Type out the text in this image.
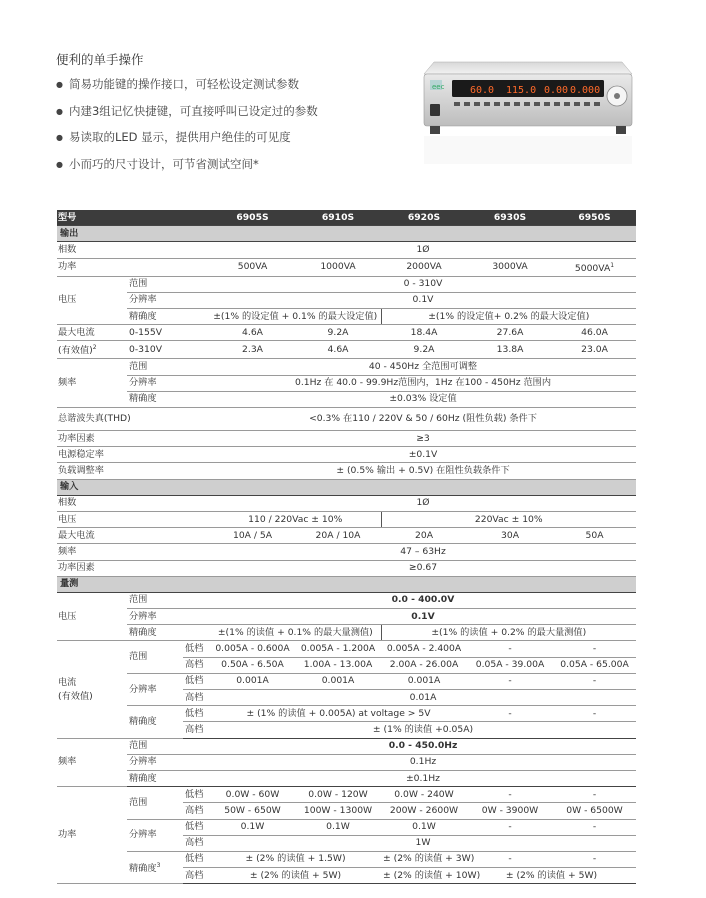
便利的单手操作
● 简易功能键的操作接口，可轻松设定测试参数
● 内建3组记忆快捷键，可直接呼叫已设定过的参数
● 易读取的LED 显示，提供用户绝佳的可见度
● 小而巧的尺寸设计，可节省测试空间*
eec	60.0 115.0 0.00 0.000
型号			6905S	6910S	6920S	6930S	6950S
输出							
相数			1Ø				
功率			500VA	1000VA	2000VA	3000VA	$5000VA^1$
电压	范围		0 - 310V				
	分辨率		0.1V				
	精确度		±(1% 的设定值 + 0.1% 的最大设定值)		±(1% 的设定值+ 0.2% 的最大设定值)		
最大电流	0-155V		4.6A	9.2A	18.4A	27.6A	46.0A
(有效值)$^2$	0-310V		2.3A	4.6A	9.2A	13.8A	23.0A
频率	范围		40 - 450Hz 全范围可调整				
	分辨率		0.1Hz 在 40.0 - 99.9Hz范围内，1Hz 在100 - 450Hz 范围内				
	精确度		±0.03% 设定值				
总谐波失真(THD)			<0.3% 在110 / 220V & 50 / 60Hz (阻性负载) 条件下				
功率因素			≥3				
电源稳定率			±0.1V				
负载调整率			± (0.5% 输出 + 0.5V) 在阻性负载条件下				
输入							
相数			1Ø				
电压			110 / 220Vac ± 10%		220Vac ± 10%		
最大电流			10A / 5A	20A / 10A	20A	30A	50A
频率			47 – 63Hz				
功率因素			≥0.67				
量测							
电压	范围		0.0 - 400.0V				
	分辨率		0.1V				
	精确度		±(1% 的读值 + 0.1% 的最大量测值)		±(1% 的读值 + 0.2% 的最大量测值)		
电流
(有效值)	范围	低档	0.005A - 0.600A	0.005A - 1.200A	0.005A - 2.400A	-	-
		高档	0.50A - 6.50A	1.00A - 13.00A	2.00A - 26.00A	0.05A - 39.00A	0.05A - 65.00A
	分辨率	低档	0.001A	0.001A	0.001A	-	-
		高档	0.01A				
	精确度	低档	± (1% 的读值 + 0.005A) at voltage > 5V			-	-
		高档	± (1% 的读值 +0.05A)				
频率	范围		0.0 - 450.0Hz				
	分辨率		0.1Hz				
	精确度		±0.1Hz				
功率	范围	低档	0.0W - 60W	0.0W - 120W	0.0W - 240W	-	-
		高档	50W - 650W	100W - 1300W	200W - 2600W	0W - 3900W	0W - 6500W
	分辨率	低档	0.1W	0.1W	0.1W	-	-
		高档	1W				
	精确度$^3$	低档	± (2% 的读值 + 1.5W)		± (2% 的读值 + 3W)	-	-
		高档	± (2% 的读值 + 5W)		± (2% 的读值 + 10W)	± (2% 的读值 + 5W)	
